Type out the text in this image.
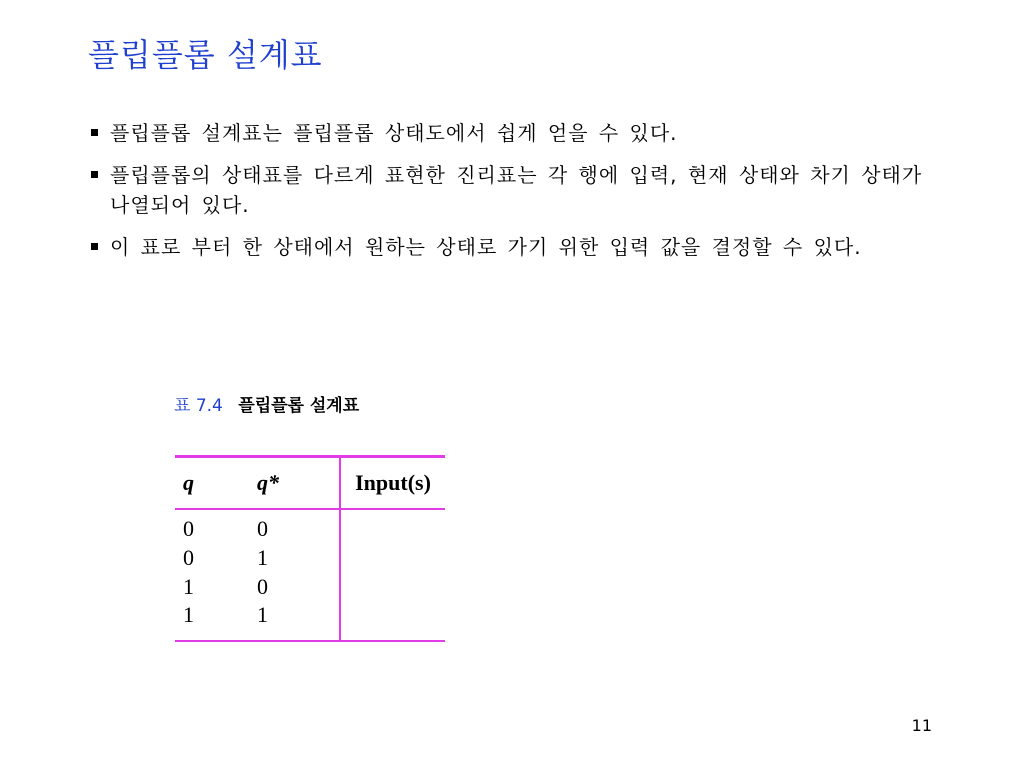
플립플롭 설계표
플립플롭 설계표는 플립플롭 상태도에서 쉽게 얻을 수 있다.
플립플롭의 상태표를 다르게 표현한 진리표는 각 행에 입력, 현재 상태와 차기 상태가 나열되어 있다.
이 표로 부터 한 상태에서 원하는 상태로 가기 위한 입력 값을 결정할 수 있다.
표 7.4 플립플롭 설계표
q	q*	Input(s)
0	0	
0	1	
1	0	
1	1	
11
